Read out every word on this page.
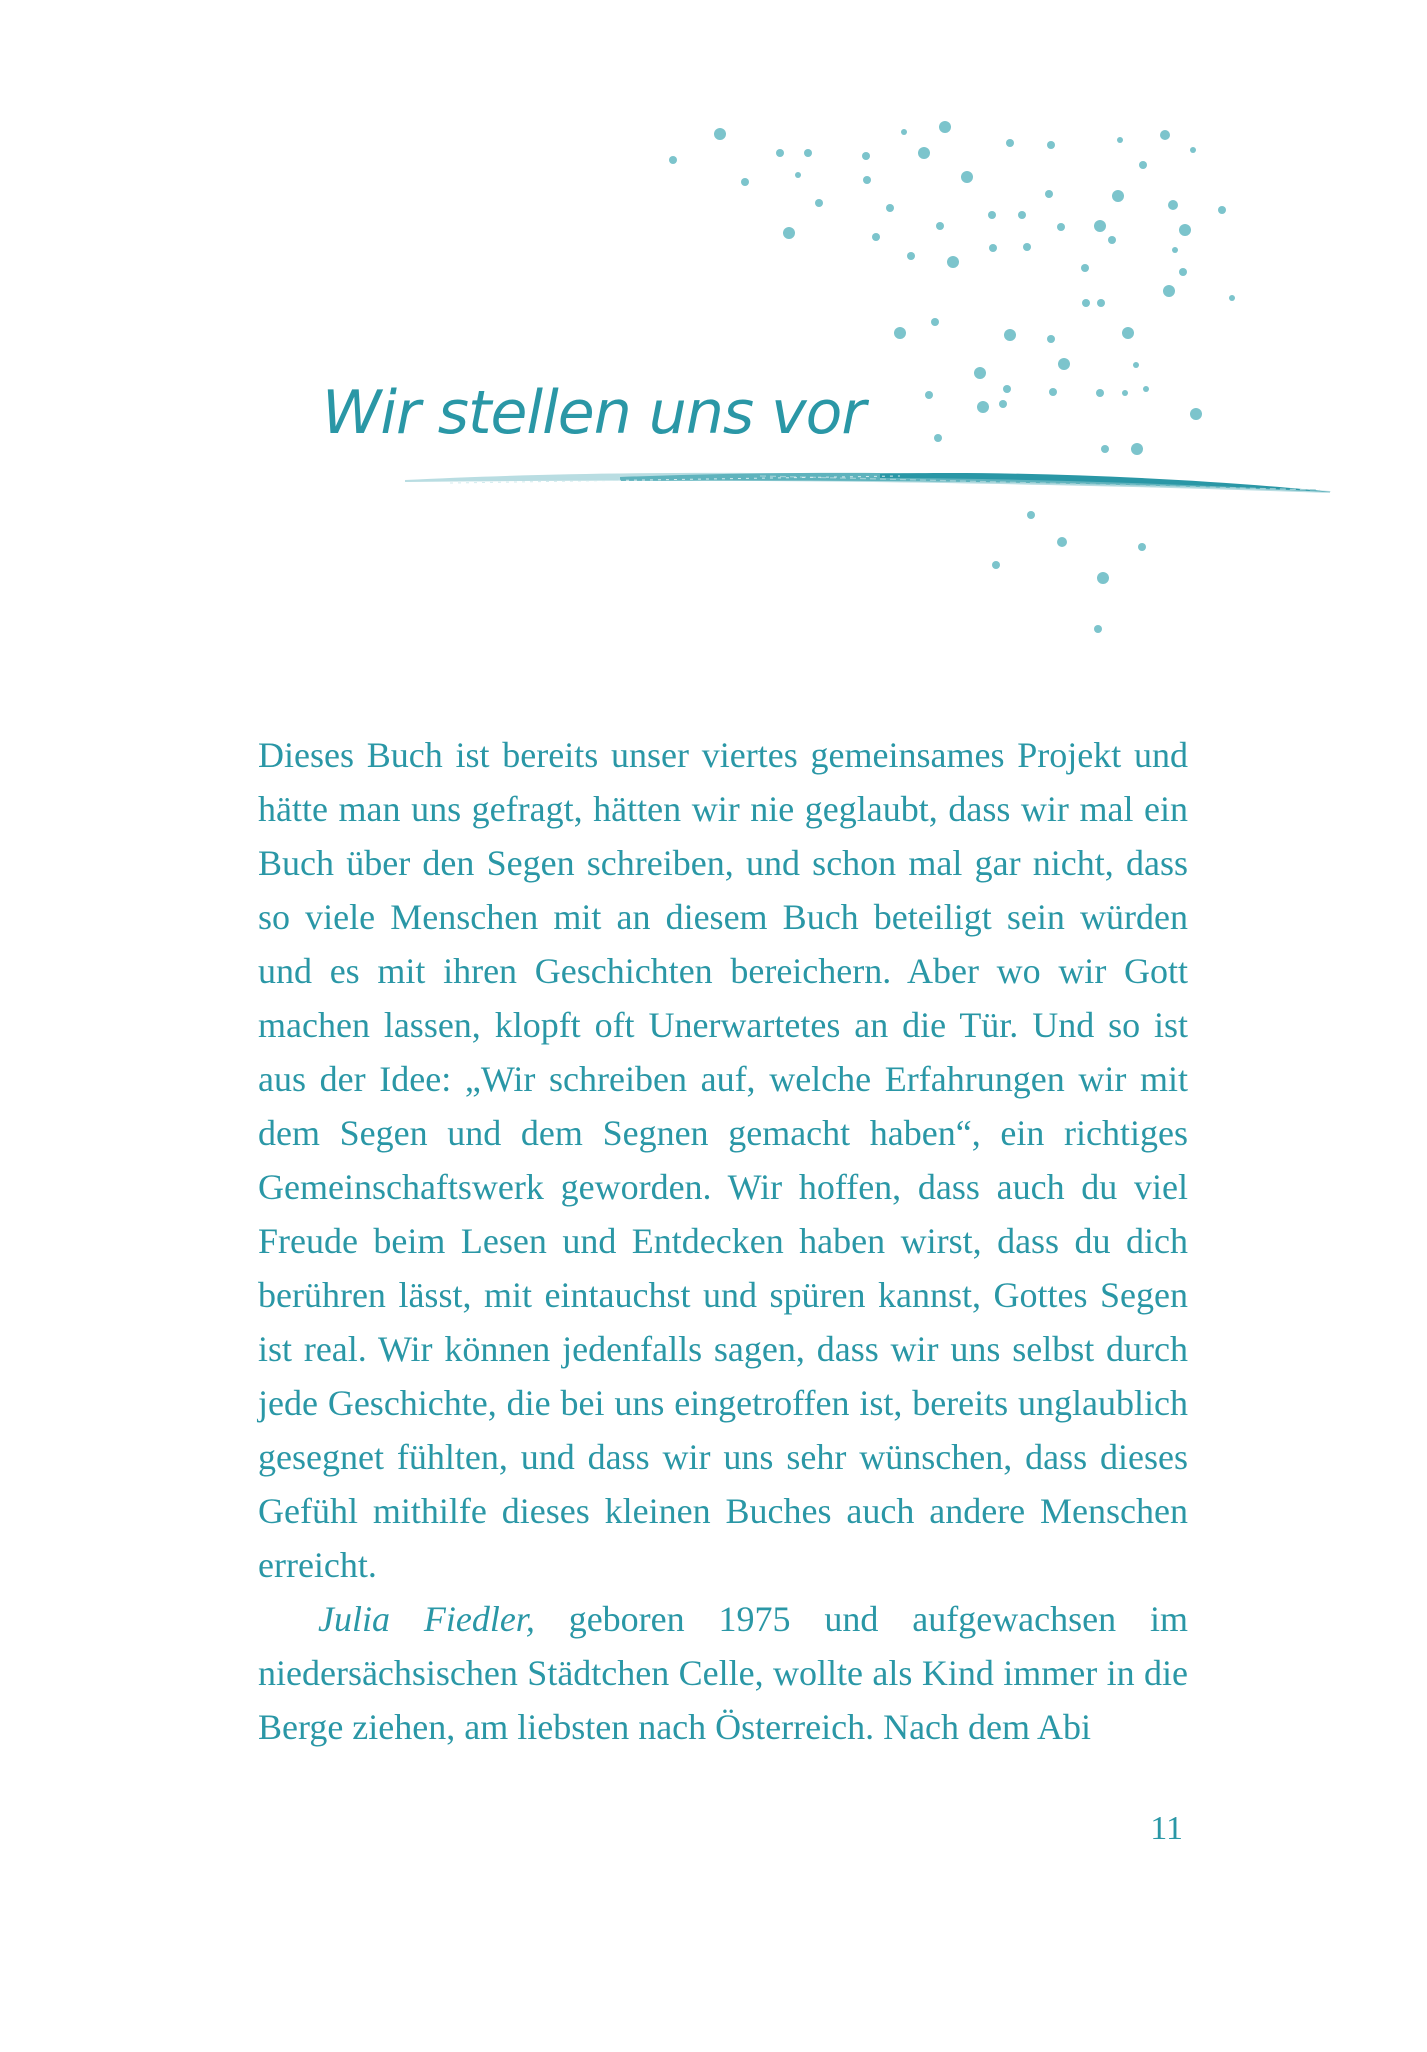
Wir stellen uns vor

Dieses Buch ist bereits unser viertes gemeinsames Projekt und hätte man uns gefragt, hätten wir nie geglaubt, dass wir mal ein Buch über den Segen schreiben, und schon mal gar nicht, dass so viele Menschen mit an diesem Buch beteiligt sein würden und es mit ihren Geschichten bereichern. Aber wo wir Gott machen lassen, klopft oft Unerwartetes an die Tür. Und so ist aus der Idee: „Wir schreiben auf, welche Erfahrungen wir mit dem Segen und dem Segnen gemacht haben“, ein richtiges Gemeinschaftswerk geworden. Wir hoffen, dass auch du viel Freude beim Lesen und Entdecken haben wirst, dass du dich berühren lässt, mit eintauchst und spüren kannst, Gottes Segen ist real. Wir können jedenfalls sagen, dass wir uns selbst durch jede Geschichte, die bei uns eingetroffen ist, bereits unglaublich gesegnet fühlten, und dass wir uns sehr wünschen, dass dieses Gefühl mithilfe dieses kleinen Buches auch andere Menschen erreicht.

Julia Fiedler, geboren 1975 und aufgewachsen im niedersächsischen Städtchen Celle, wollte als Kind immer in die Berge ziehen, am liebsten nach Österreich. Nach dem Abi

11
